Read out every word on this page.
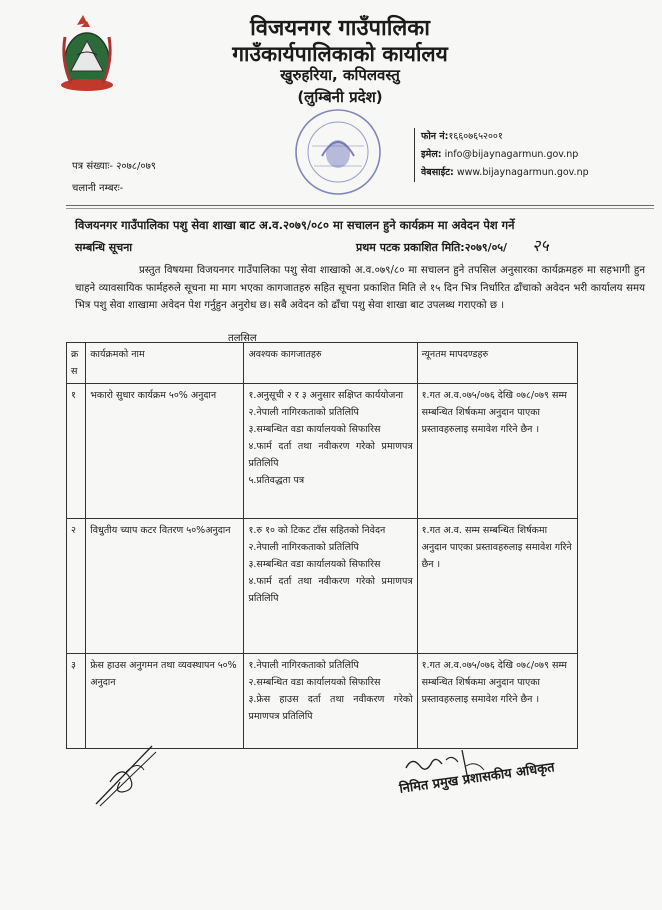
विजयनगर गाउँपालिका
गाउँकार्यपालिकाको कार्यालय
खुरुहरिया, कपिलवस्तु
(लुम्बिनी प्रदेश)
फोन नं:१६६०७६५२००१
इमेल: info@bijaynagarmun.gov.np
वेबसाईट: www.bijaynagarmun.gov.np
पत्र संख्याः- २०७८/०७९
चलानी नम्बरः-
विजयनगर गाउँपालिका पशु सेवा शाखा बाट अ.व.२०७९/०८० मा सचालन हुने कार्यक्रम मा अवेदन पेश गर्ने
सम्बन्धि सूचना	प्रथम पटक प्रकाशित मिति:२०७९/०५/ २५
प्रस्तुत विषयमा विजयनगर गाउँपालिका पशु सेवा शाखाको अ.व.०७९/८० मा सचालन हुने तपसिल अनुसारका कार्यक्रमहरु मा सहभागी हुन चाहने व्यावसायिक फार्महरुले सूचना मा माग भएका कागजातहरु सहित सूचना प्रकाशित मिति ले १५ दिन भित्र निर्धारित ढाँचाको अवेदन भरी कार्यालय समय भित्र पशु सेवा शाखामा अवेदन पेश गर्नुहुन अनुरोध छ। सबै अवेदन को ढाँचा पशु सेवा शाखा बाट उपलब्ध गराएको छ ।
तलसिल
क्र स	कार्यक्रमको नाम	अवश्यक कागजातहरु	न्यूनतम मापदण्डहरु
१	भकारो सुधार कार्यक्रम ५०% अनुदान	१.अनुसूची २ र ३ अनुसार सक्षिप्त कार्ययोजना
२.नेपाली नागिरकताको प्रतिलिपि
३.सम्बन्धित वडा कार्यालयको सिफारिस
४.फार्म दर्ता तथा नवीकरण गरेको प्रमाणपत्र प्रतिलिपि
५.प्रतिवद्धता पत्र	१.गत अ.व.०७५/०७६ देखि ०७८/०७९ सम्म सम्बन्धित शिर्षकमा अनुदान पाएका प्रस्तावहरुलाइ समावेश गरिने छैन ।
२	विधुतीय च्याप कटर वितरण ५०%अनुदान	१.रु १० को टिकट टाँस सहितको निवेदन
२.नेपाली नागिरकताको प्रतिलिपि
३.सम्बन्धित वडा कार्यालयको सिफारिस
४.फार्म दर्ता तथा नवीकरण गरेको प्रमाणपत्र प्रतिलिपि	१.गत अ.व. सम्म सम्बन्धित शिर्षकमा अनुदान पाएका प्रस्तावहरुलाइ समावेश गरिने छैन ।
३	फ्रेस हाउस अनुगमन तथा व्यवस्थापन ५०% अनुदान	१.नेपाली नागिरकताको प्रतिलिपि
२.सम्बन्धित वडा कार्यालयको सिफारिस
३.फ्रेस हाउस दर्ता तथा नवीकरण गरेको प्रमाणपत्र प्रतिलिपि	१.गत अ.व.०७५/०७६ देखि ०७८/०७९ सम्म सम्बन्धित शिर्षकमा अनुदान पाएका प्रस्तावहरुलाइ समावेश गरिने छैन ।
निमित प्रमुख प्रशासकीय अधिकृत
